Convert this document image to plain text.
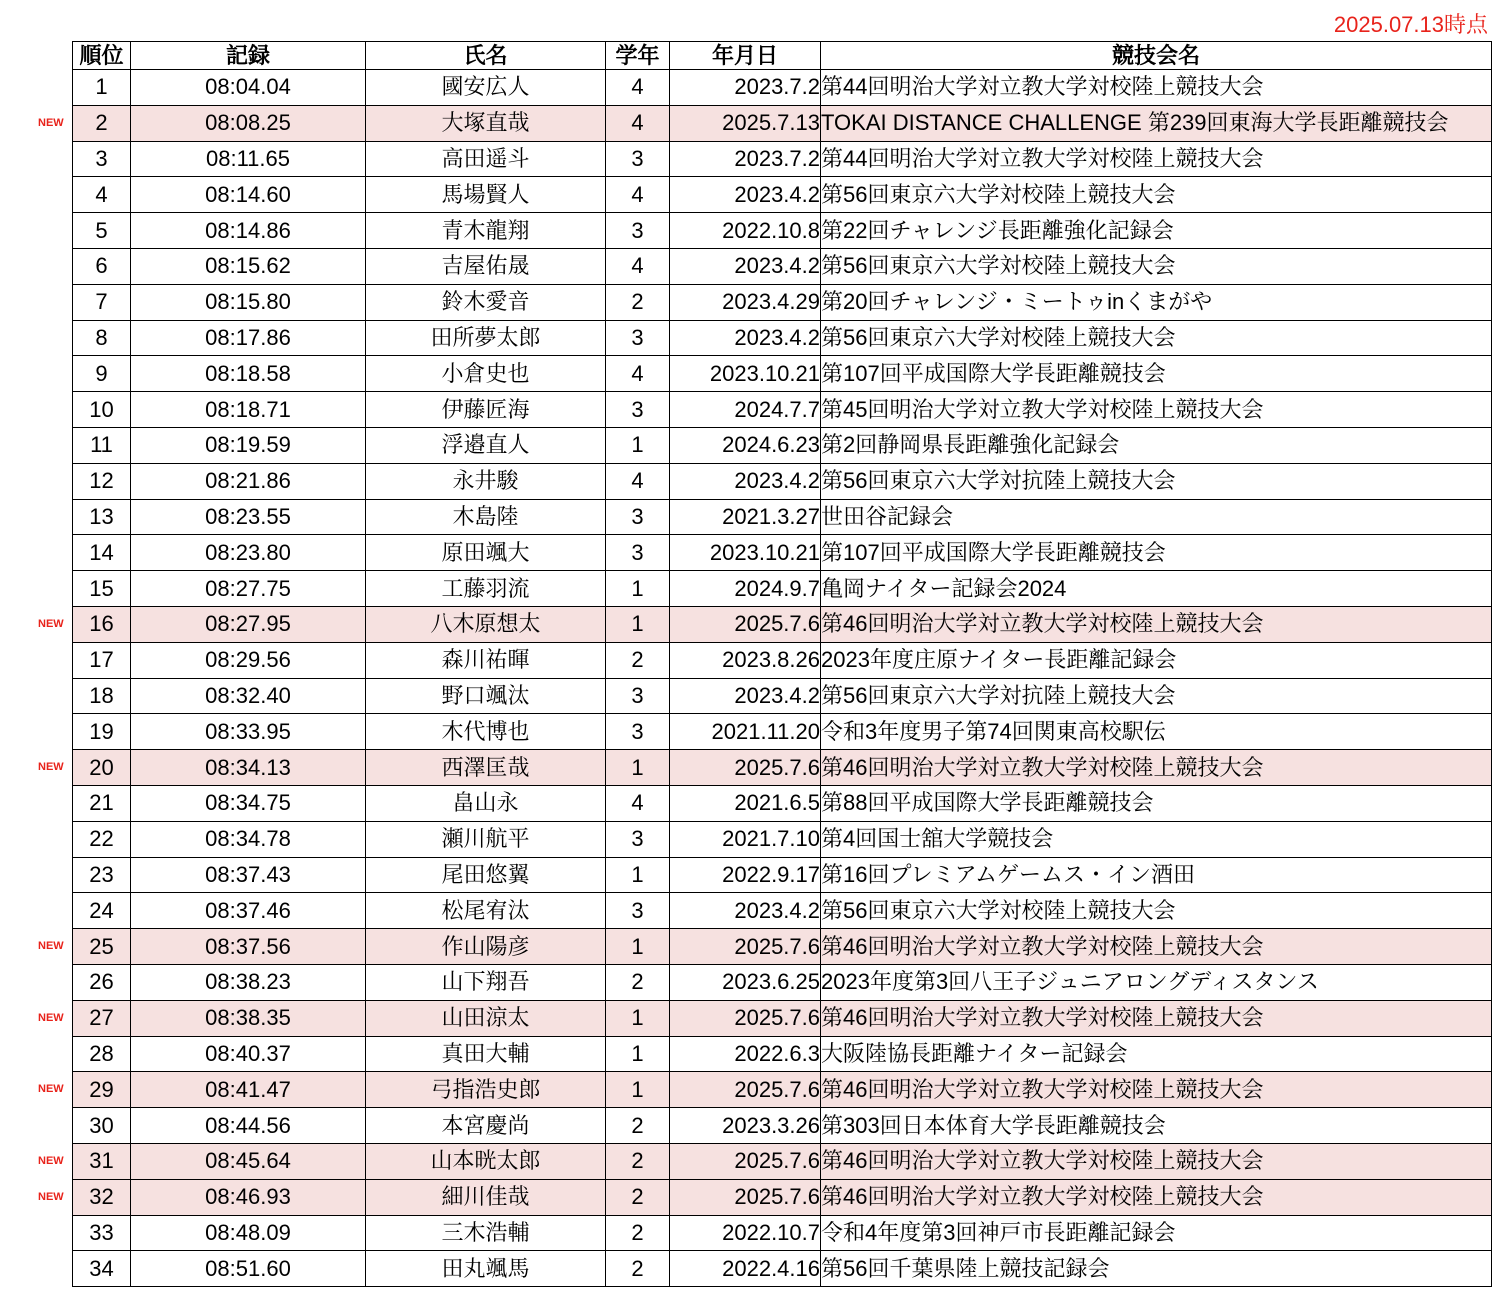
2025.07.13時点
順位	記録	氏名	学年	年月日	競技会名
1	08:04.04	國安広人	4	2023.7.2	第44回明治大学対立教大学対校陸上競技大会
2	08:08.25	大塚直哉	4	2025.7.13	TOKAI DISTANCE CHALLENGE 第239回東海大学長距離競技会
3	08:11.65	高田遥斗	3	2023.7.2	第44回明治大学対立教大学対校陸上競技大会
4	08:14.60	馬場賢人	4	2023.4.2	第56回東京六大学対校陸上競技大会
5	08:14.86	青木龍翔	3	2022.10.8	第22回チャレンジ長距離強化記録会
6	08:15.62	吉屋佑晟	4	2023.4.2	第56回東京六大学対校陸上競技大会
7	08:15.80	鈴木愛音	2	2023.4.29	第20回チャレンジ・ミートゥinくまがや
8	08:17.86	田所夢太郎	3	2023.4.2	第56回東京六大学対校陸上競技大会
9	08:18.58	小倉史也	4	2023.10.21	第107回平成国際大学長距離競技会
10	08:18.71	伊藤匠海	3	2024.7.7	第45回明治大学対立教大学対校陸上競技大会
11	08:19.59	浮邉直人	1	2024.6.23	第2回静岡県長距離強化記録会
12	08:21.86	永井駿	4	2023.4.2	第56回東京六大学対抗陸上競技大会
13	08:23.55	木島陸	3	2021.3.27	世田谷記録会
14	08:23.80	原田颯大	3	2023.10.21	第107回平成国際大学長距離競技会
15	08:27.75	工藤羽流	1	2024.9.7	亀岡ナイター記録会2024
16	08:27.95	八木原想太	1	2025.7.6	第46回明治大学対立教大学対校陸上競技大会
17	08:29.56	森川祐暉	2	2023.8.26	2023年度庄原ナイター長距離記録会
18	08:32.40	野口颯汰	3	2023.4.2	第56回東京六大学対抗陸上競技大会
19	08:33.95	木代博也	3	2021.11.20	令和3年度男子第74回関東高校駅伝
20	08:34.13	西澤匡哉	1	2025.7.6	第46回明治大学対立教大学対校陸上競技大会
21	08:34.75	畠山永	4	2021.6.5	第88回平成国際大学長距離競技会
22	08:34.78	瀬川航平	3	2021.7.10	第4回国士舘大学競技会
23	08:37.43	尾田悠翼	1	2022.9.17	第16回プレミアムゲームス・イン酒田
24	08:37.46	松尾宥汰	3	2023.4.2	第56回東京六大学対校陸上競技大会
25	08:37.56	作山陽彦	1	2025.7.6	第46回明治大学対立教大学対校陸上競技大会
26	08:38.23	山下翔吾	2	2023.6.25	2023年度第3回八王子ジュニアロングディスタンス
27	08:38.35	山田涼太	1	2025.7.6	第46回明治大学対立教大学対校陸上競技大会
28	08:40.37	真田大輔	1	2022.6.3	大阪陸協長距離ナイター記録会
29	08:41.47	弓指浩史郎	1	2025.7.6	第46回明治大学対立教大学対校陸上競技大会
30	08:44.56	本宮慶尚	2	2023.3.26	第303回日本体育大学長距離競技会
31	08:45.64	山本晄太郎	2	2025.7.6	第46回明治大学対立教大学対校陸上競技大会
32	08:46.93	細川佳哉	2	2025.7.6	第46回明治大学対立教大学対校陸上競技大会
33	08:48.09	三木浩輔	2	2022.10.7	令和4年度第3回神戸市長距離記録会
34	08:51.60	田丸颯馬	2	2022.4.16	第56回千葉県陸上競技記録会
NEW
NEW
NEW
NEW
NEW
NEW
NEW
NEW
